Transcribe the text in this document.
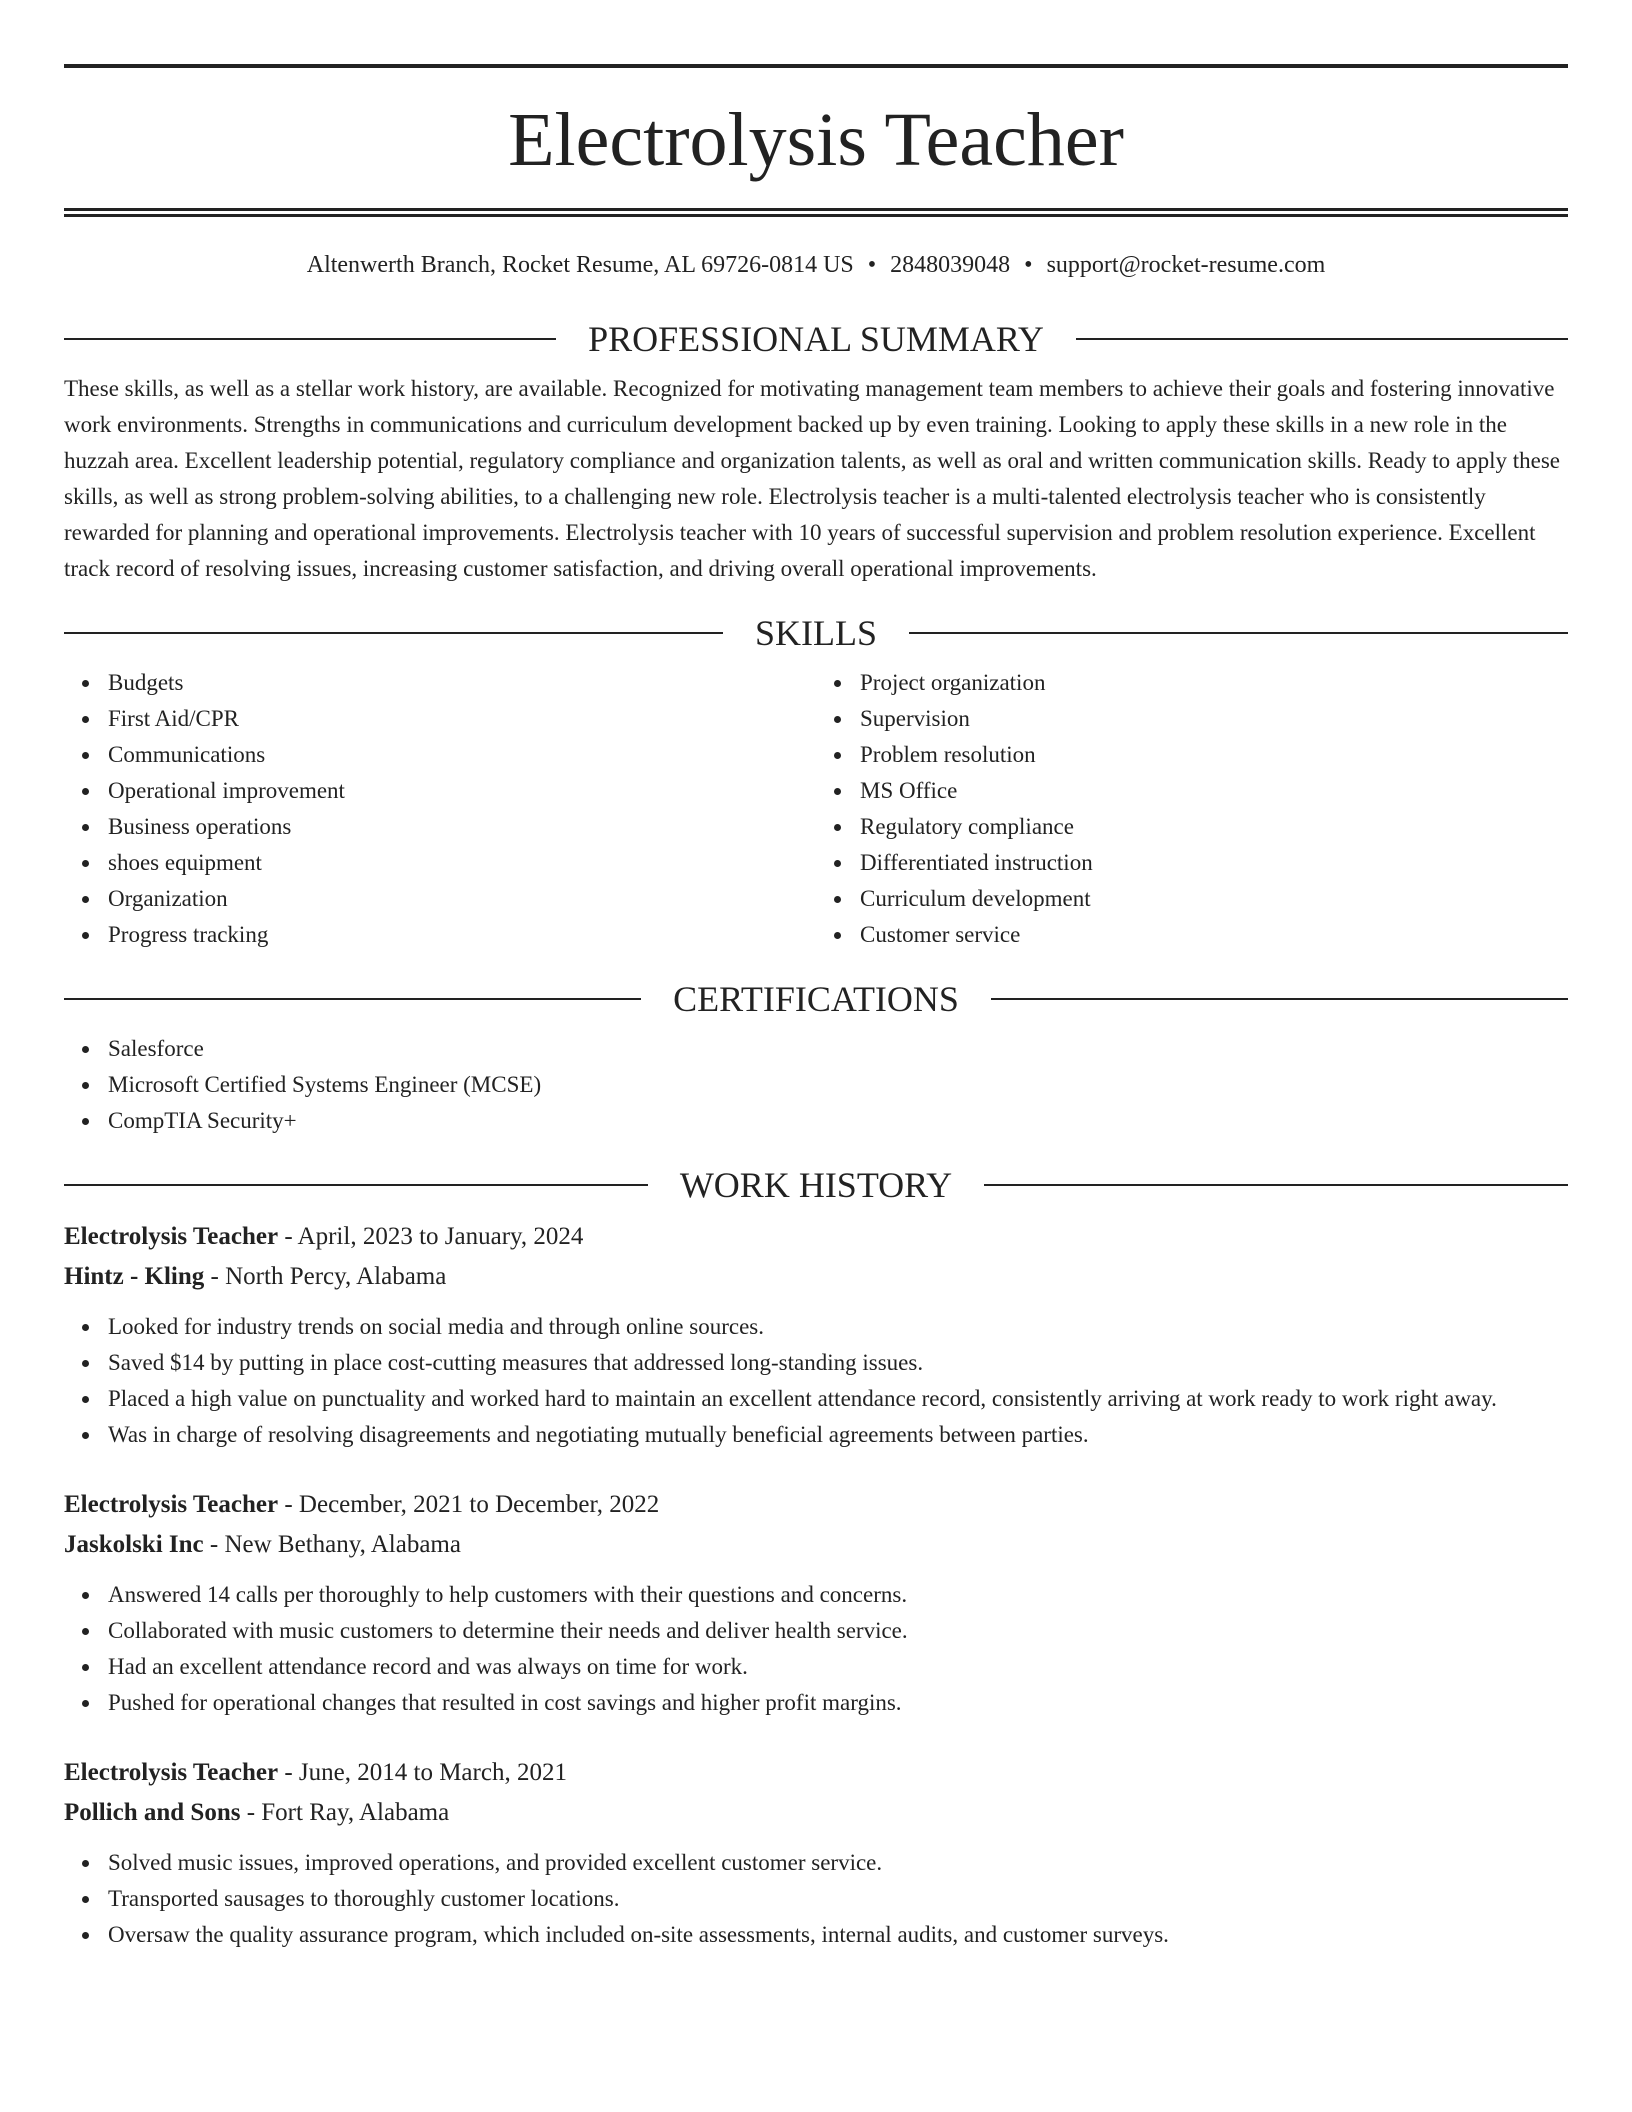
Electrolysis Teacher
Altenwerth Branch, Rocket Resume, AL 69726-0814 US • 2848039048 • support@rocket-resume.com
PROFESSIONAL SUMMARY

These skills, as well as a stellar work history, are available. Recognized for motivating management team members to achieve their goals and fostering innovative work environments. Strengths in communications and curriculum development backed up by even training. Looking to apply these skills in a new role in the huzzah area. Excellent leadership potential, regulatory compliance and organization talents, as well as oral and written communication skills. Ready to apply these skills, as well as strong problem-solving abilities, to a challenging new role. Electrolysis teacher is a multi-talented electrolysis teacher who is consistently rewarded for planning and operational improvements. Electrolysis teacher with 10 years of successful supervision and problem resolution experience. Excellent track record of resolving issues, increasing customer satisfaction, and driving overall operational improvements.

SKILLS
Budgets
First Aid/CPR
Communications
Operational improvement
Business operations
shoes equipment
Organization
Progress tracking
Project organization
Supervision
Problem resolution
MS Office
Regulatory compliance
Differentiated instruction
Curriculum development
Customer service
CERTIFICATIONS
Salesforce
Microsoft Certified Systems Engineer (MCSE)
CompTIA Security+
WORK HISTORY
Electrolysis Teacher - April, 2023 to January, 2024
Hintz - Kling - North Percy, Alabama
Looked for industry trends on social media and through online sources.
Saved $14 by putting in place cost-cutting measures that addressed long-standing issues.
Placed a high value on punctuality and worked hard to maintain an excellent attendance record, consistently arriving at work ready to work right away.
Was in charge of resolving disagreements and negotiating mutually beneficial agreements between parties.
Electrolysis Teacher - December, 2021 to December, 2022
Jaskolski Inc - New Bethany, Alabama
Answered 14 calls per thoroughly to help customers with their questions and concerns.
Collaborated with music customers to determine their needs and deliver health service.
Had an excellent attendance record and was always on time for work.
Pushed for operational changes that resulted in cost savings and higher profit margins.
Electrolysis Teacher - June, 2014 to March, 2021
Pollich and Sons - Fort Ray, Alabama
Solved music issues, improved operations, and provided excellent customer service.
Transported sausages to thoroughly customer locations.
Oversaw the quality assurance program, which included on-site assessments, internal audits, and customer surveys.
